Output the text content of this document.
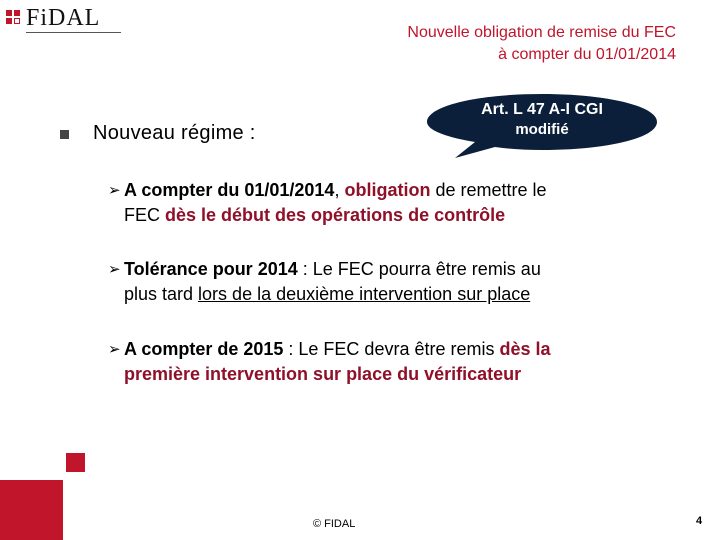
FiDAL
Nouvelle obligation de remise du FEC
à compter du 01/01/2014
Art. L 47 A-I CGI
modifié
Nouveau régime :
➢ A compter du 01/01/2014, obligation de remettre le
FEC dès le début des opérations de contrôle
➢ Tolérance pour 2014 : Le FEC pourra être remis au
plus tard lors de la deuxième intervention sur place
➢ A compter de 2015 : Le FEC devra être remis dès la
première intervention sur place du vérificateur
© FIDAL	4
